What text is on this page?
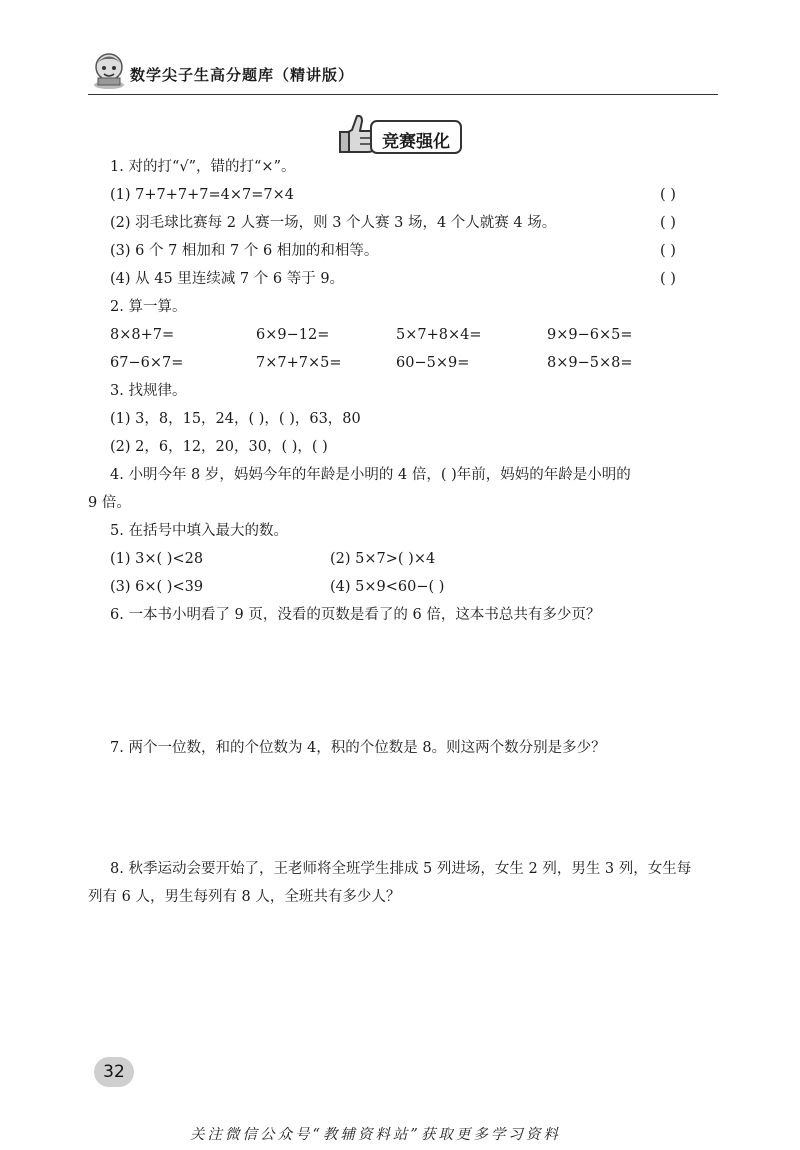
数学尖子生高分题库（精讲版）
竞赛强化
1. 对的打“√”，错的打“×”。
(1) 7+7+7+7=4×7=7×4	( )
(2) 羽毛球比赛每 2 人赛一场，则 3 个人赛 3 场，4 个人就赛 4 场。	( )
(3) 6 个 7 相加和 7 个 6 相加的和相等。	( )
(4) 从 45 里连续减 7 个 6 等于 9。	( )
2. 算一算。
8×8+7=	6×9−12=	5×7+8×4=	9×9−6×5=
67−6×7=	7×7+7×5=	60−5×9=	8×9−5×8=
3. 找规律。
(1) 3，8，15，24，( )，( )，63，80
(2) 2，6，12，20，30，( )，( )
4. 小明今年 8 岁，妈妈今年的年龄是小明的 4 倍，( )年前，妈妈的年龄是小明的
9 倍。
5. 在括号中填入最大的数。
(1) 3×( )<28	(2) 5×7>( )×4
(3) 6×( )<39	(4) 5×9<60−( )
6. 一本书小明看了 9 页，没看的页数是看了的 6 倍，这本书总共有多少页？
7. 两个一位数，和的个位数为 4，积的个位数是 8。则这两个数分别是多少？
8. 秋季运动会要开始了，王老师将全班学生排成 5 列进场，女生 2 列，男生 3 列，女生每
列有 6 人，男生每列有 8 人，全班共有多少人？
32
关注微信公众号“教辅资料站”获取更多学习资料
